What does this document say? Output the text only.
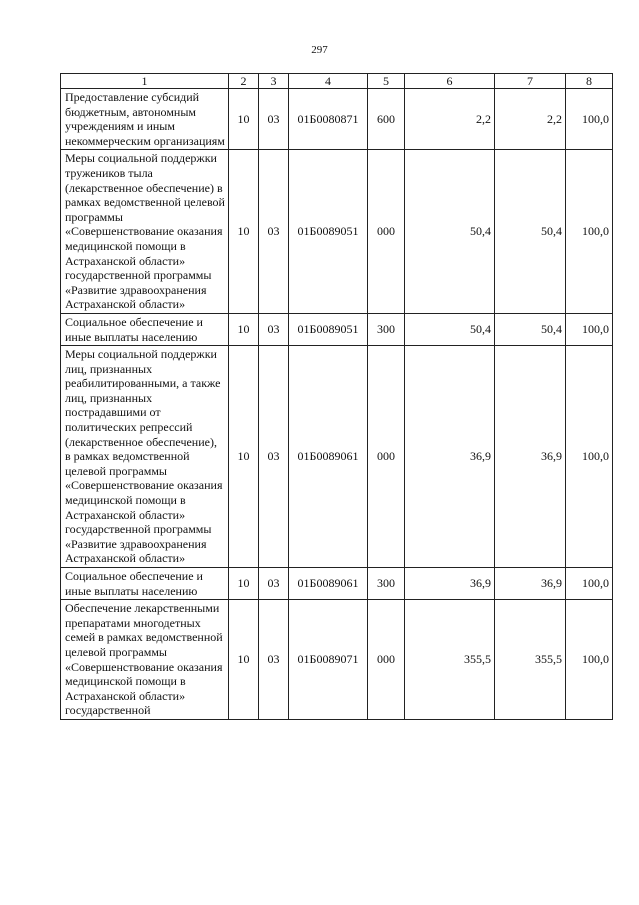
297
1	2	3	4	5	6	7	8
Предоставление субсидий бюджетным, автономным учреждениям и иным некоммерческим организациям	10	03	01Б0080871	600	2,2	2,2	100,0
Меры социальной поддержки тружеников тыла (лекарственное обеспечение) в рамках ведомственной целевой программы «Совершенствование оказания медицинской помощи в Астраханской области» государственной программы «Развитие здравоохранения Астраханской области»	10	03	01Б0089051	000	50,4	50,4	100,0
Социальное обеспечение и иные выплаты населению	10	03	01Б0089051	300	50,4	50,4	100,0
Меры социальной поддержки лиц, признанных реабилитированными, а также лиц, признанных пострадавшими от политических репрессий (лекарственное обеспечение), в рамках ведомственной целевой программы «Совершенствование оказания медицинской помощи в Астраханской области» государственной программы «Развитие здравоохранения Астраханской области»	10	03	01Б0089061	000	36,9	36,9	100,0
Социальное обеспечение и иные выплаты населению	10	03	01Б0089061	300	36,9	36,9	100,0
Обеспечение лекарственными препаратами многодетных семей в рамках ведомственной целевой программы «Совершенствование оказания медицинской помощи в Астраханской области» государственной	10	03	01Б0089071	000	355,5	355,5	100,0
